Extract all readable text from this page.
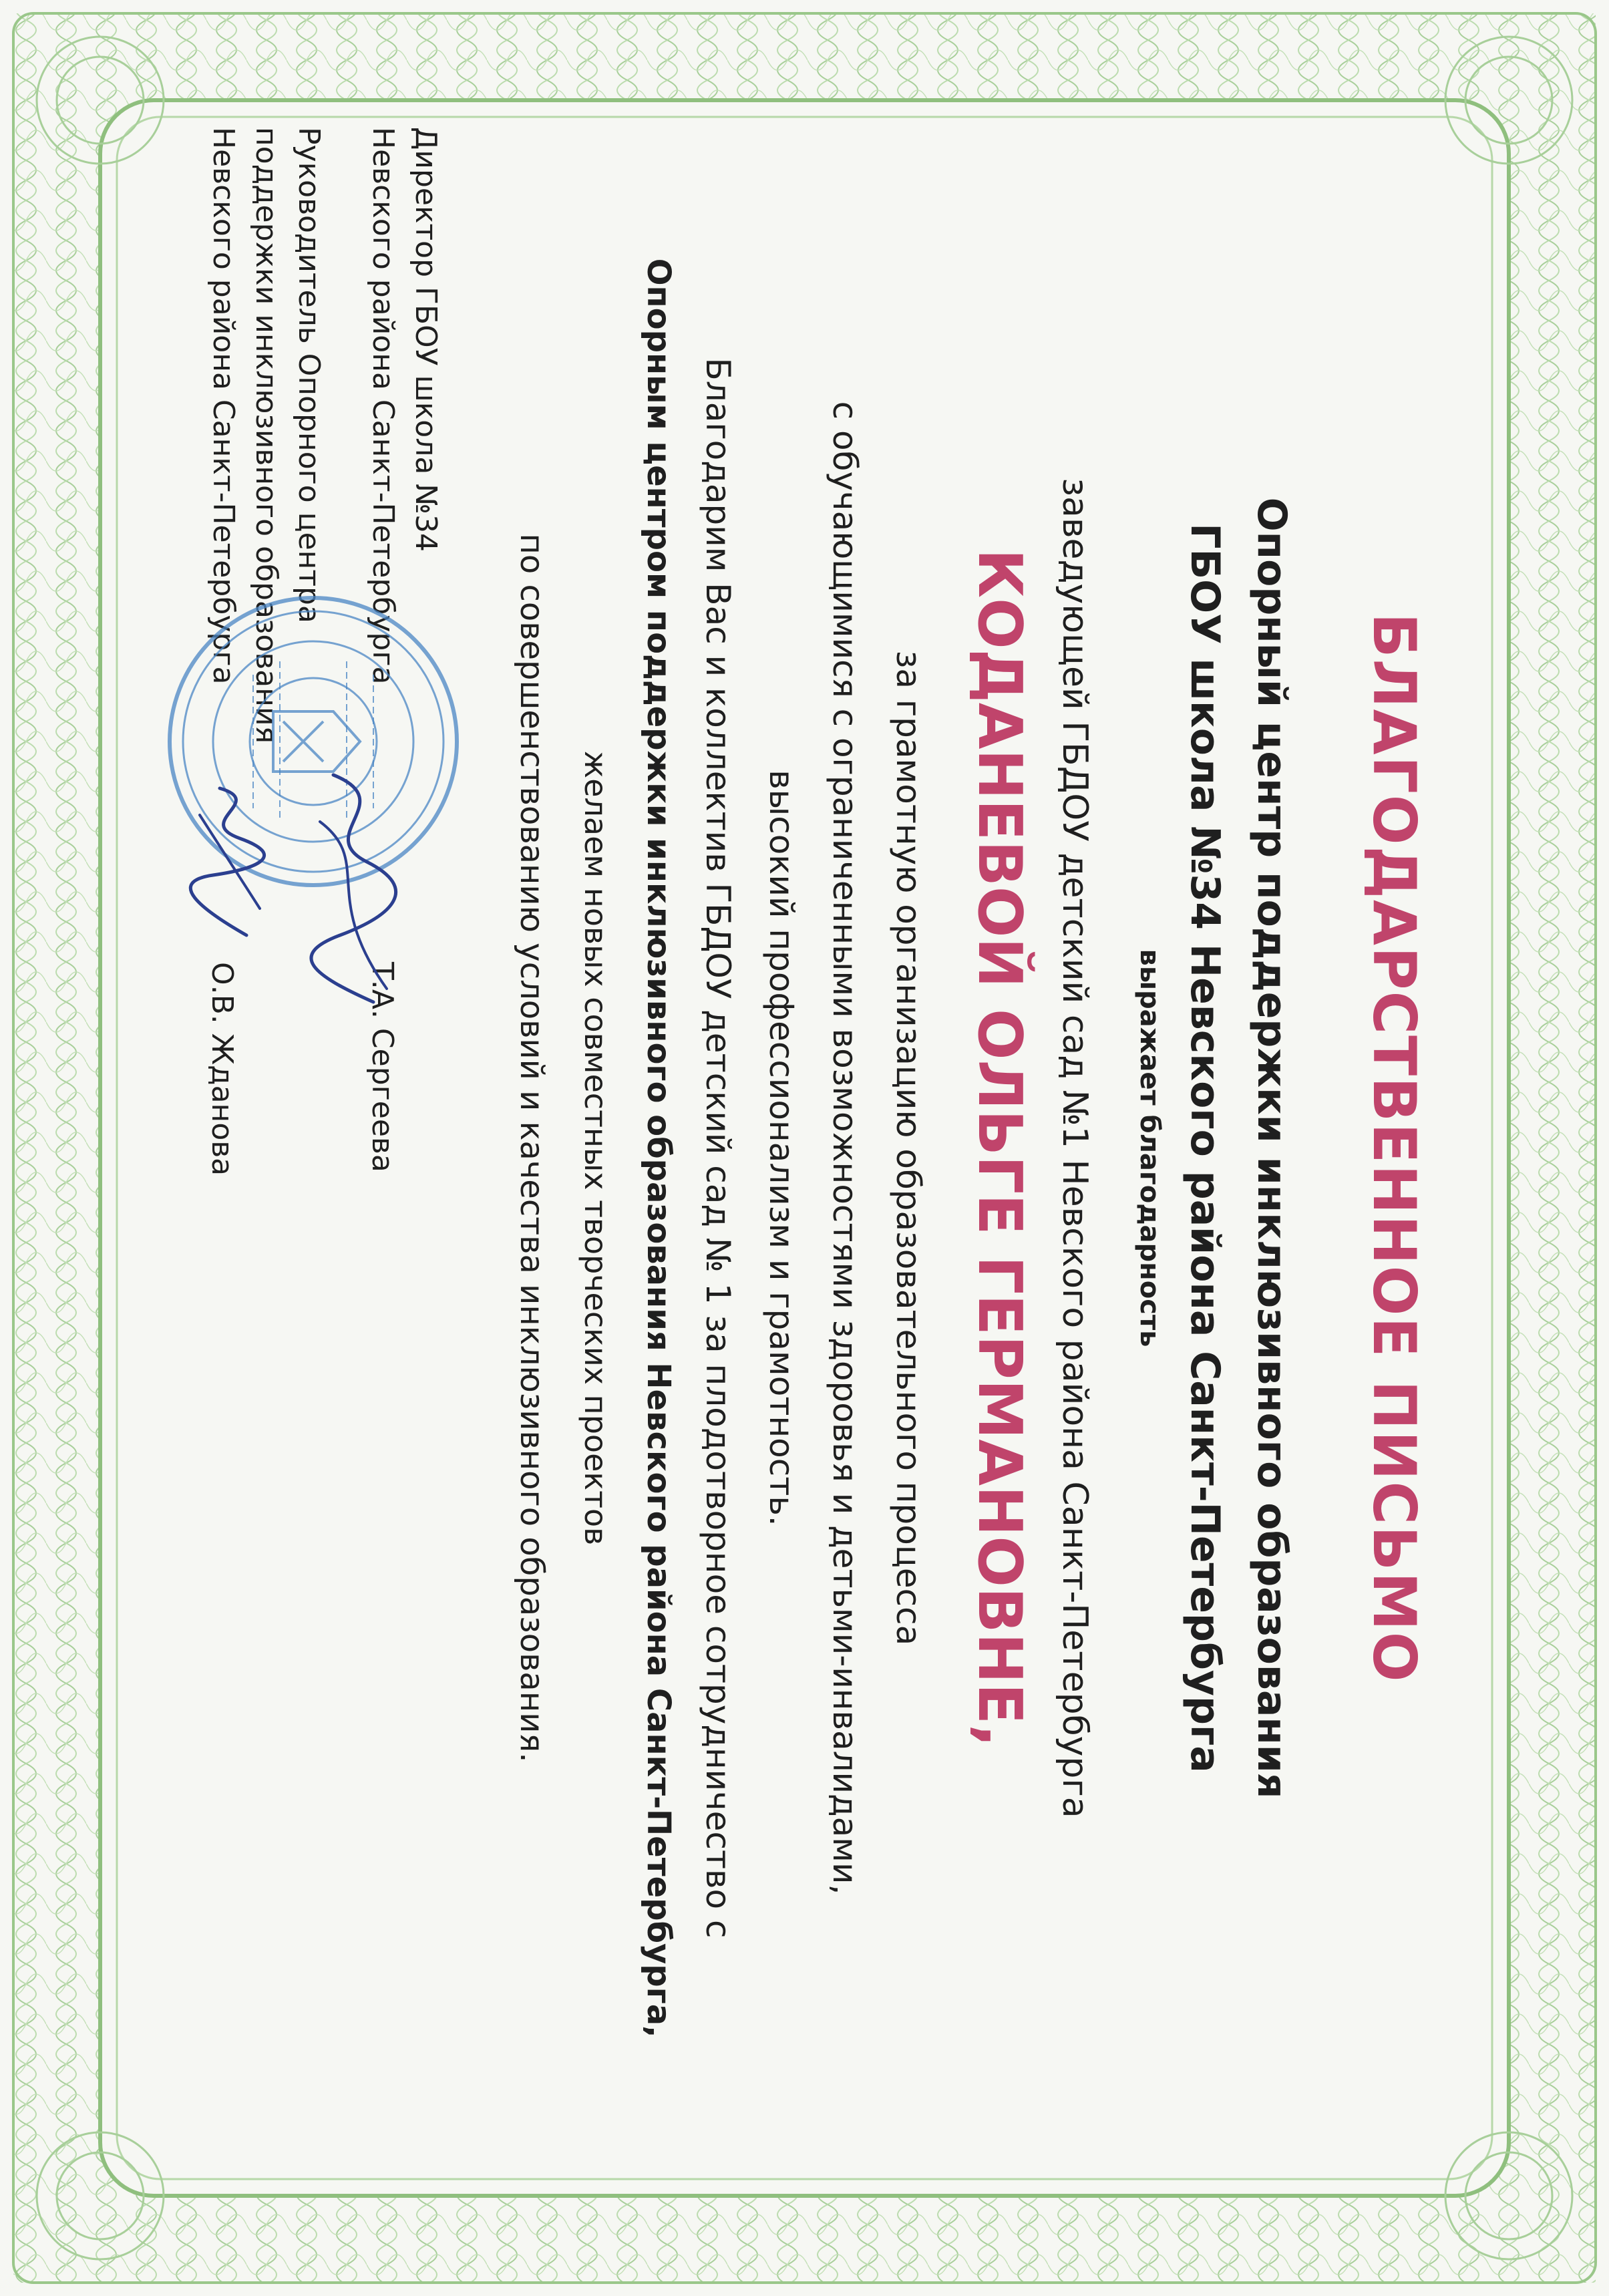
БЛАГОДАРСТВЕННОЕ ПИСЬМО
Опорный центр поддержки инклюзивного образования
ГБОУ школа №34 Невского района Санкт-Петербурга
выражает благодарность
заведующей ГБДОУ детский сад №1 Невского района Санкт-Петербурга
КОДАНЕВОЙ ОЛЬГЕ ГЕРМАНОВНЕ,
за грамотную организацию образовательного процесса
с обучающимися с ограниченными возможностями здоровья и детьми-инвалидами,
высокий профессионализм и грамотность.
Благодарим Вас и коллектив ГБДОУ детский сад № 1 за плодотворное сотрудничество с
Опорным центром поддержки инклюзивного образования Невского района Санкт-Петербурга,
желаем новых совместных творческих проектов
по совершенствованию условий и качества инклюзивного образования.
Директор ГБОУ школа №34
Невского района Санкт-Петербурга
Т.А. Сергеева
Руководитель Опорного центра
поддержки инклюзивного образования
Невского района Санкт-Петербурга
О.В. Жданова
